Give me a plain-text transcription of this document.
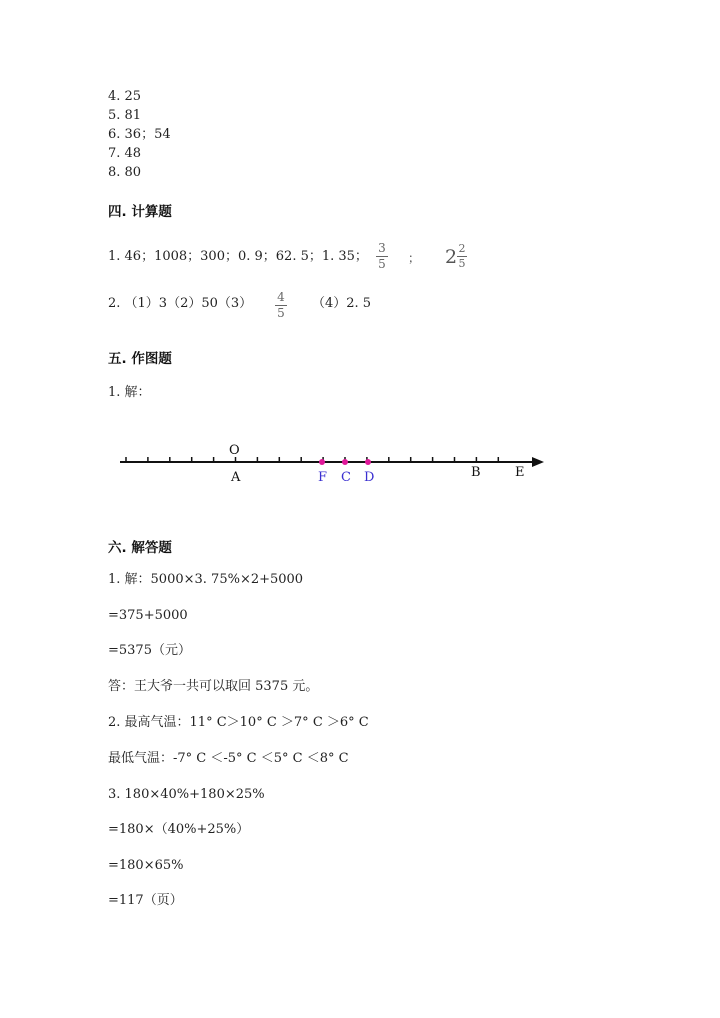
4. 25
5. 81
6. 36；54
7. 48
8. 80
四. 计算题
1. 46；1008；300；0. 9；62. 5；1. 35；
3
5 ； 2 2
5
2. （1）3（2）50（3） 4
5
（4）2. 5
五. 作图题
1. 解：
O
A	F C D	B	E
六. 解答题
1. 解：5000×3. 75%×2+5000
=375+5000
=5375（元）
答：王大爷一共可以取回 5375 元。
2. 最高气温：11° C＞10° C ＞7° C ＞6° C
最低气温：-7° C ＜-5° C ＜5° C ＜8° C
3. 180×40%+180×25%
=180×（40%+25%）
=180×65%
=117（页）
